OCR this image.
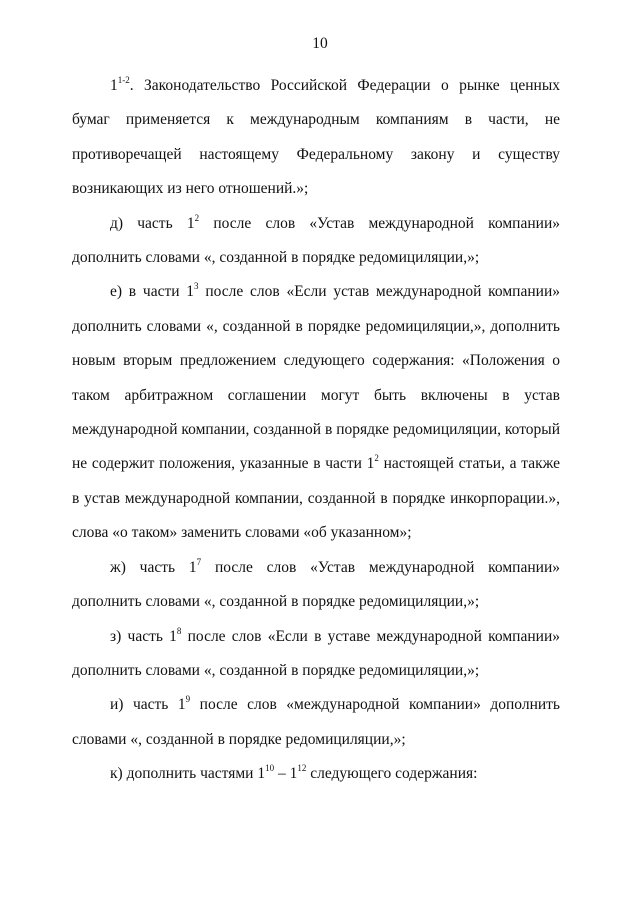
10

1$^{1-2}$. Законодательство Российской Федерации о рынке ценных бумаг применяется к международным компаниям в части, не противоречащей настоящему Федеральному закону и существу возникающих из него отношений.»;

д) часть $1^2$ после слов «Устав международной компании» дополнить словами «, созданной в порядке редомициляции,»;

е) в части $1^3$ после слов «Если устав международной компании» дополнить словами «, созданной в порядке редомициляции,», дополнить новым вторым предложением следующего содержания: «Положения о таком арбитражном соглашении могут быть включены в устав международной компании, созданной в порядке редомициляции, который не содержит положения, указанные в части $1^2$ настоящей статьи, а также в устав международной компании, созданной в порядке инкорпорации.», слова «о таком» заменить словами «об указанном»;

ж) часть $1^7$ после слов «Устав международной компании» дополнить словами «, созданной в порядке редомициляции,»;

з) часть $1^8$ после слов «Если в уставе международной компании» дополнить словами «, созданной в порядке редомициляции,»;

и) часть $1^9$ после слов «международной компании» дополнить словами «, созданной в порядке редомициляции,»;

к) дополнить частями $1^{10} - 1^{12}$ следующего содержания:
